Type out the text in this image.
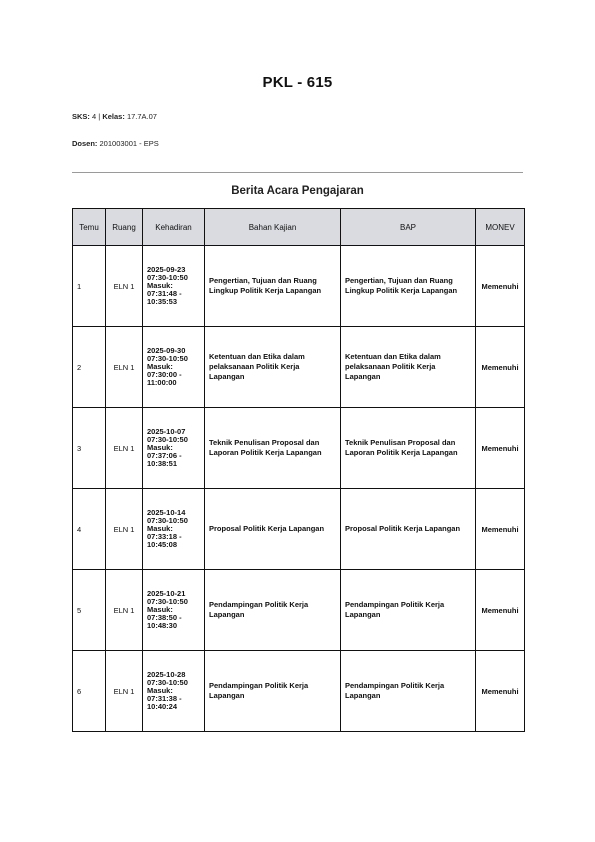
PKL - 615
SKS: 4 | Kelas: 17.7A.07
Dosen: 201003001 - EPS
Berita Acara Pengajaran
Temu	Ruang	Kehadiran	Bahan Kajian	BAP	MONEV
1	ELN 1	2025-09-23
07:30-10:50
Masuk:
07:31:48 -
10:35:53	Pengertian, Tujuan dan Ruang Lingkup Politik Kerja Lapangan	Pengertian, Tujuan dan Ruang Lingkup Politik Kerja Lapangan	Memenuhi
2	ELN 1	2025-09-30
07:30-10:50
Masuk:
07:30:00 -
11:00:00	Ketentuan dan Etika dalam pelaksanaan Politik Kerja Lapangan	Ketentuan dan Etika dalam pelaksanaan Politik Kerja Lapangan	Memenuhi
3	ELN 1	2025-10-07
07:30-10:50
Masuk:
07:37:06 -
10:38:51	Teknik Penulisan Proposal dan Laporan Politik Kerja Lapangan	Teknik Penulisan Proposal dan Laporan Politik Kerja Lapangan	Memenuhi
4	ELN 1	2025-10-14
07:30-10:50
Masuk:
07:33:18 -
10:45:08	Proposal Politik Kerja Lapangan	Proposal Politik Kerja Lapangan	Memenuhi
5	ELN 1	2025-10-21
07:30-10:50
Masuk:
07:38:50 -
10:48:30	Pendampingan Politik Kerja Lapangan	Pendampingan Politik Kerja Lapangan	Memenuhi
6	ELN 1	2025-10-28
07:30-10:50
Masuk:
07:31:38 -
10:40:24	Pendampingan Politik Kerja Lapangan	Pendampingan Politik Kerja Lapangan	Memenuhi
